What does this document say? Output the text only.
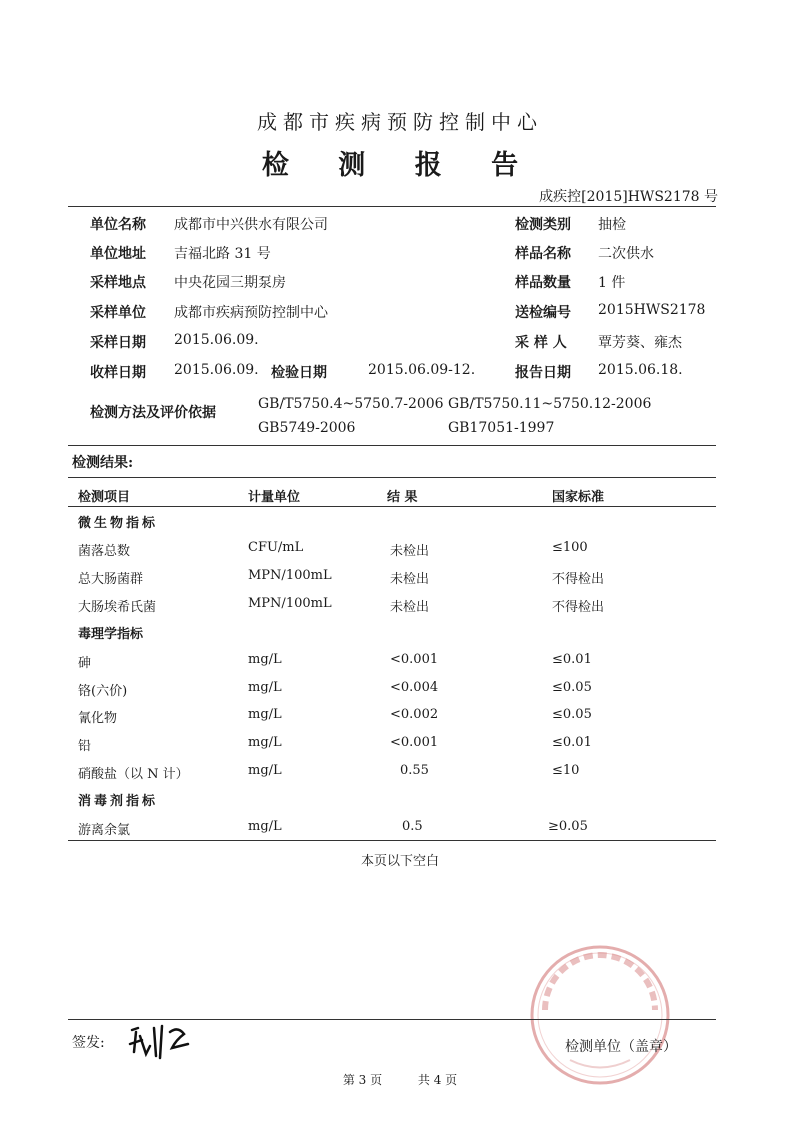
成都市疾病预防控制中心
检 测 报 告
成疾控[2015]HWS2178 号
单位名称 成都市中兴供水有限公司	检测类别 抽检
单位地址 吉福北路 31 号	样品名称 二次供水
采样地点 中央花园三期泵房	样品数量 1 件
采样单位 成都市疾病预防控制中心	送检编号 2015HWS2178
采样日期 2015.06.09.	采 样 人 覃芳葵、雍杰
收样日期 2015.06.09. 检验日期	2015.06.09-12.	报告日期 2015.06.18.
检测方法及评价依据
GB/T5750.4~5750.7-2006 GB/T5750.11~5750.12-2006
GB5749-2006	GB17051-1997
检测结果:
检测项目	计量单位	结 果	国家标准
微生物指标
菌落总数	CFU/mL	未检出	≤100
总大肠菌群	MPN/100mL	未检出	不得检出
大肠埃希氏菌	MPN/100mL	未检出	不得检出
毒理学指标
砷	mg/L	<0.001	≤0.01
铬(六价)	mg/L	<0.004	≤0.05
氰化物	mg/L	<0.002	≤0.05
铅	mg/L	<0.001	≤0.01
硝酸盐（以 N 计）	mg/L	0.55	≤10
消毒剂指标
游离余氯	mg/L	0.5	≥0.05
本页以下空白
签发:	检测单位（盖章）
第 3 页	共 4 页
